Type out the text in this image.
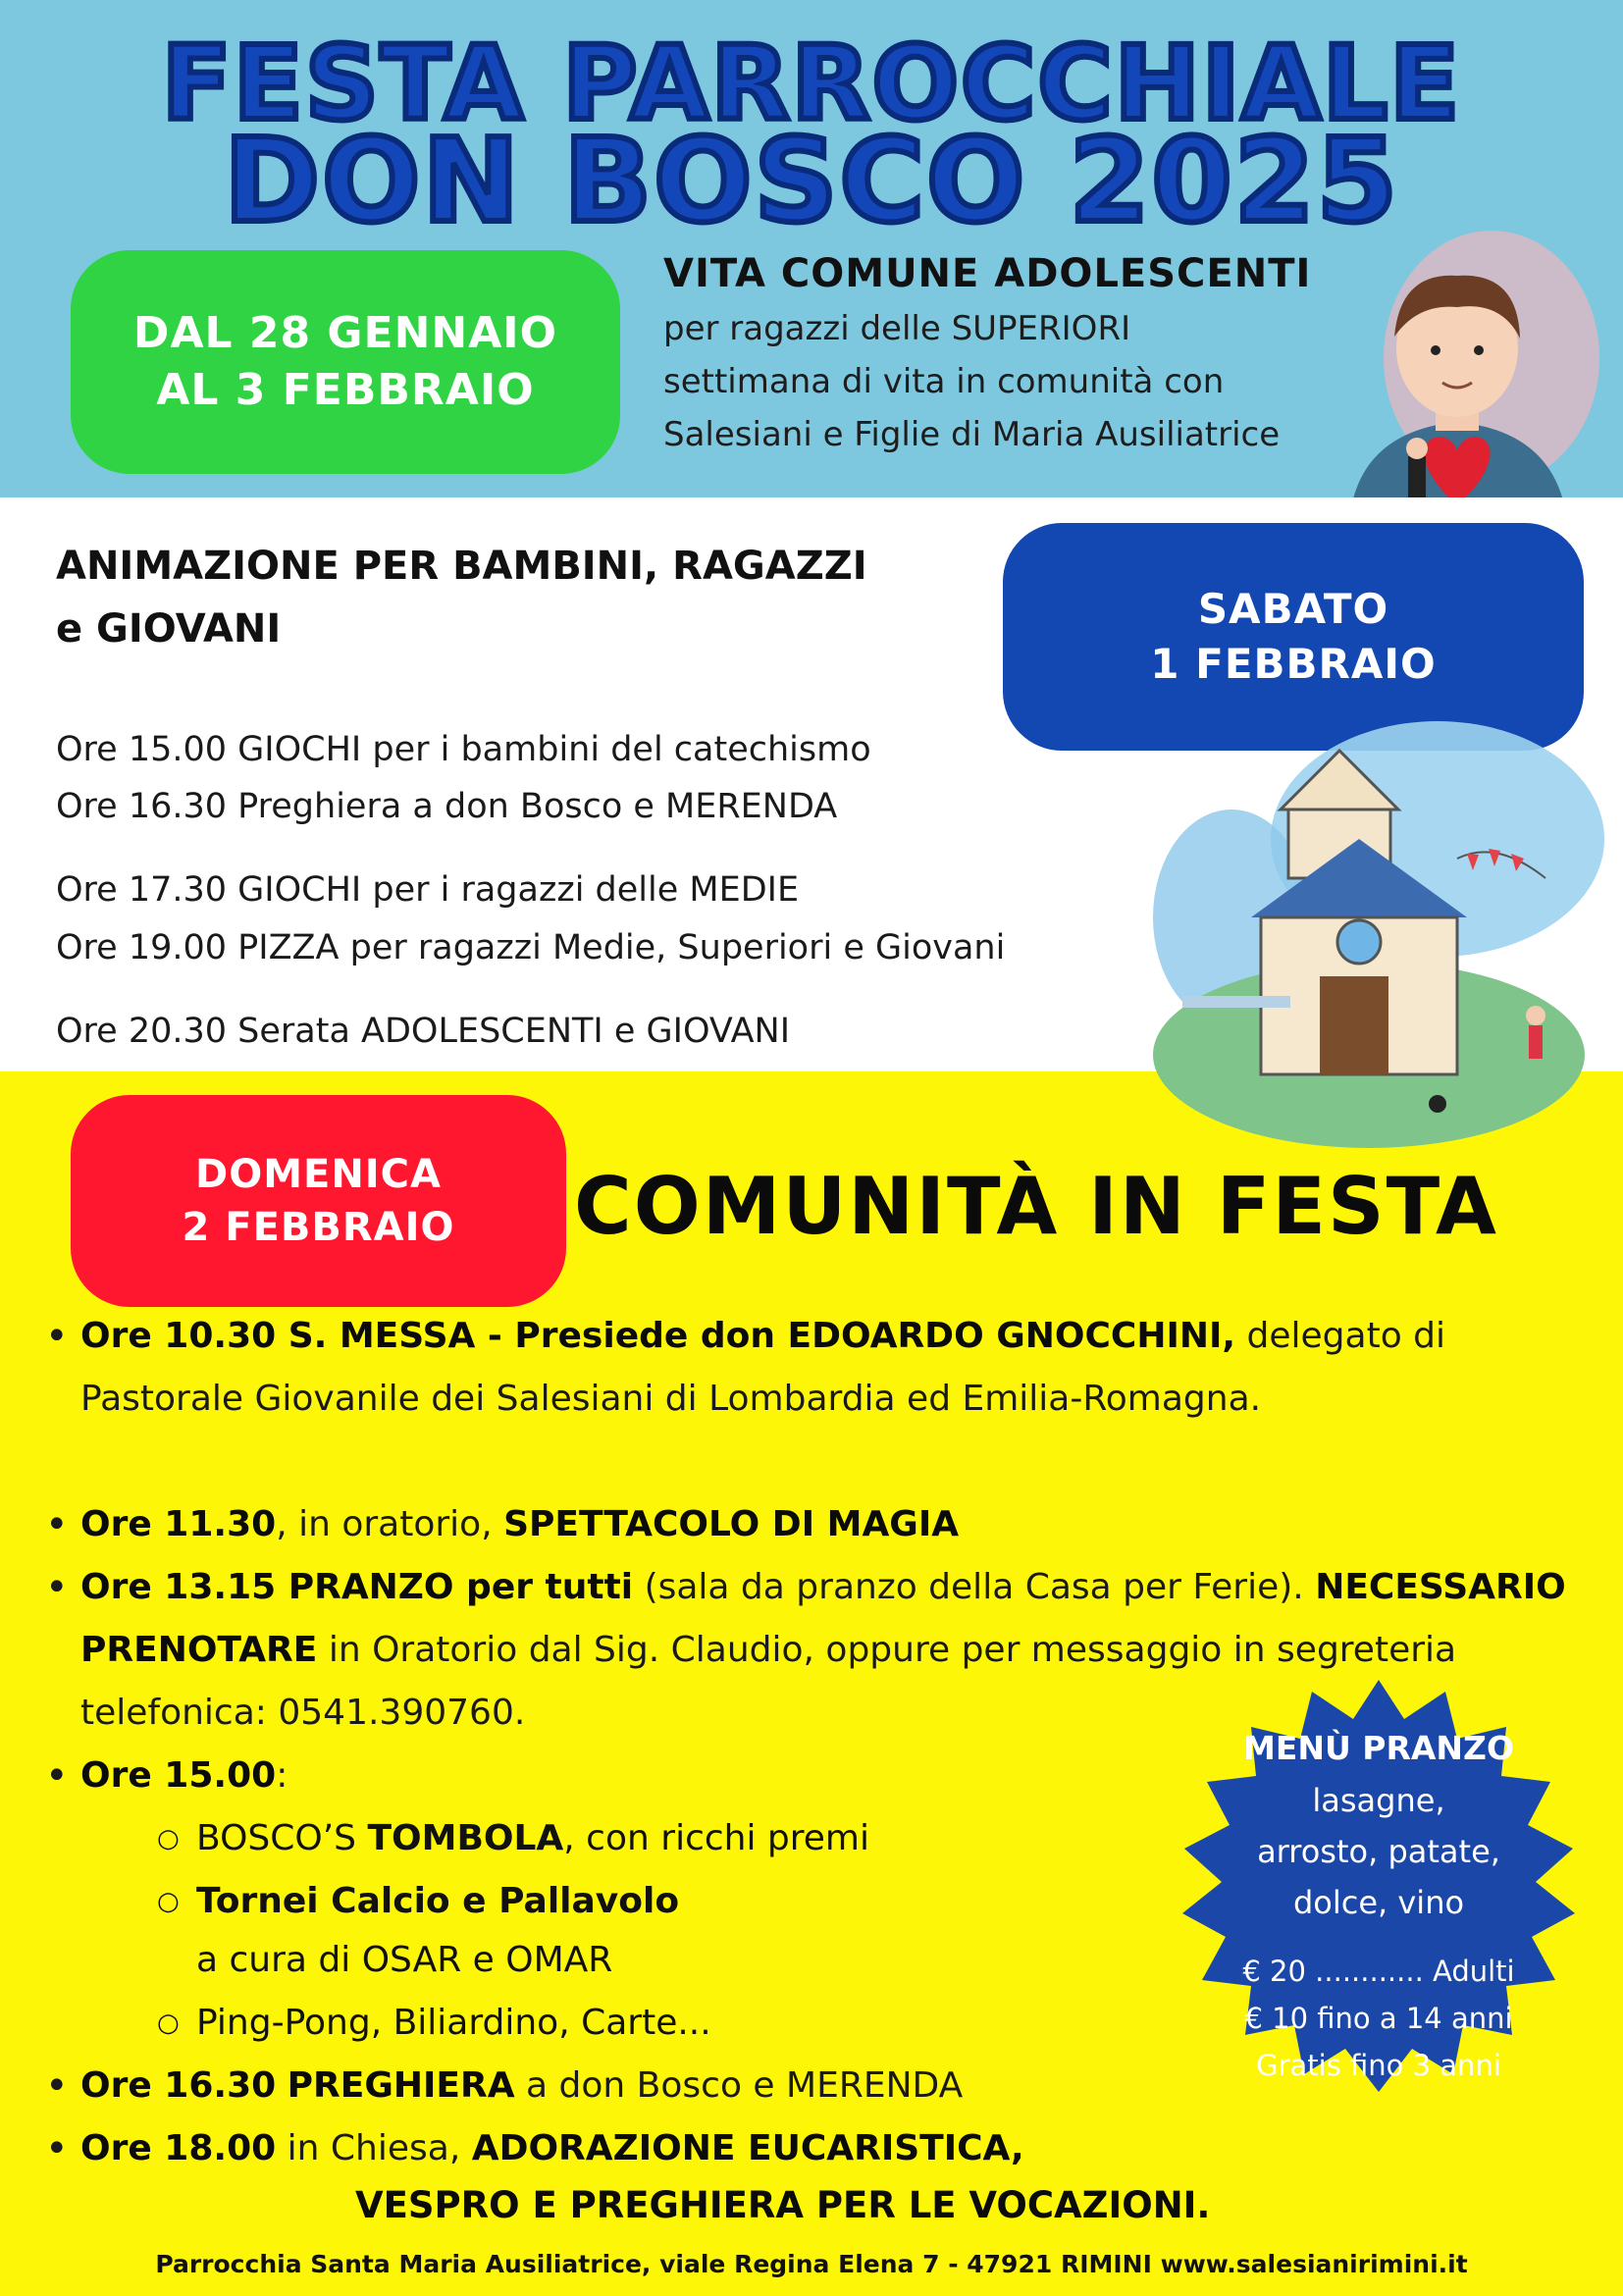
FESTA PARROCCHIALE
DON BOSCO 2025
DAL 28 GENNAIO
AL 3 FEBBRAIO
VITA COMUNE ADOLESCENTI
per ragazzi delle SUPERIORI
settimana di vita in comunità con
Salesiani e Figlie di Maria Ausiliatrice
ANIMAZIONE PER BAMBINI, RAGAZZI
e GIOVANI	SABATO
1 FEBBRAIO
Ore 15.00 GIOCHI per i bambini del catechismo
Ore 16.30 Preghiera a don Bosco e MERENDA
Ore 17.30 GIOCHI per i ragazzi delle MEDIE
Ore 19.00 PIZZA per ragazzi Medie, Superiori e Giovani
Ore 20.30 Serata ADOLESCENTI e GIOVANI
DOMENICA
2 FEBBRAIO COMUNITÀ IN FESTA
• Ore 10.30 S. MESSA - Presiede don EDOARDO GNOCCHINI, delegato di Pastorale Giovanile dei Salesiani di Lombardia ed Emilia-Romagna.
• Ore 11.30, in oratorio, SPETTACOLO DI MAGIA
• Ore 13.15 PRANZO per tutti (sala da pranzo della Casa per Ferie). NECESSARIO PRENOTARE in Oratorio dal Sig. Claudio, oppure per messaggio in segreteria telefonica: 0541.390760.
• Ore 15.00:
○ BOSCO’S TOMBOLA, con ricchi premi
○ Tornei Calcio e Pallavolo
a cura di OSAR e OMAR
○ Ping-Pong, Biliardino, Carte...
• Ore 16.30 PREGHIERA a don Bosco e MERENDA
• Ore 18.00 in Chiesa, ADORAZIONE EUCARISTICA,
VESPRO E PREGHIERA PER LE VOCAZIONI.
MENÙ PRANZO
lasagne,
arrosto, patate,
dolce, vino
€ 20 ............ Adulti
€ 10 fino a 14 anni
Gratis fino 3 anni
Parrocchia Santa Maria Ausiliatrice, viale Regina Elena 7 - 47921 RIMINI www.salesianirimini.it
